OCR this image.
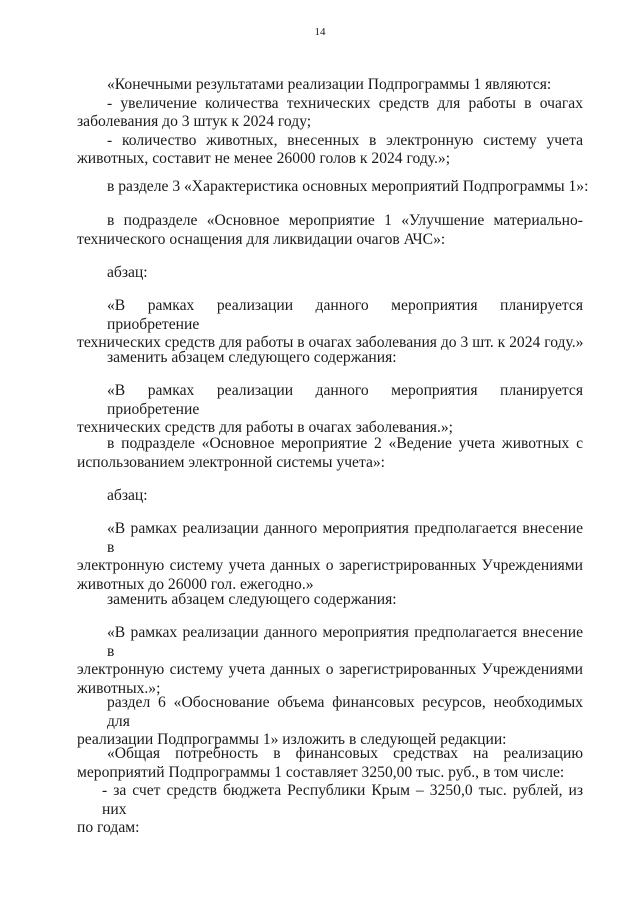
14
«Конечными результатами реализации Подпрограммы 1 являются:
- увеличение количества технических средств для работы в очагах
заболевания до 3 штук к 2024 году;
- количество животных, внесенных в электронную систему учета
животных, составит не менее 26000 голов к 2024 году.»;
в разделе 3 «Характеристика основных мероприятий Подпрограммы 1»:
в подразделе «Основное мероприятие 1 «Улучшение материально-
технического оснащения для ликвидации очагов АЧС»:
абзац:
«В рамках реализации данного мероприятия планируется приобретение
технических средств для работы в очагах заболевания до 3 шт. к 2024 году.»
заменить абзацем следующего содержания:
«В рамках реализации данного мероприятия планируется приобретение
технических средств для работы в очагах заболевания.»;
в подразделе «Основное мероприятие 2 «Ведение учета животных с
использованием электронной системы учета»:
абзац:
«В рамках реализации данного мероприятия предполагается внесение в
электронную систему учета данных о зарегистрированных Учреждениями
животных до 26000 гол. ежегодно.»
заменить абзацем следующего содержания:
«В рамках реализации данного мероприятия предполагается внесение в
электронную систему учета данных о зарегистрированных Учреждениями
животных.»;
раздел 6 «Обоснование объема финансовых ресурсов, необходимых для
реализации Подпрограммы 1» изложить в следующей редакции:
«Общая потребность в финансовых средствах на реализацию
мероприятий Подпрограммы 1 составляет 3250,00 тыс. руб., в том числе:
- за счет средств бюджета Республики Крым – 3250,0 тыс. рублей, из них
по годам:
